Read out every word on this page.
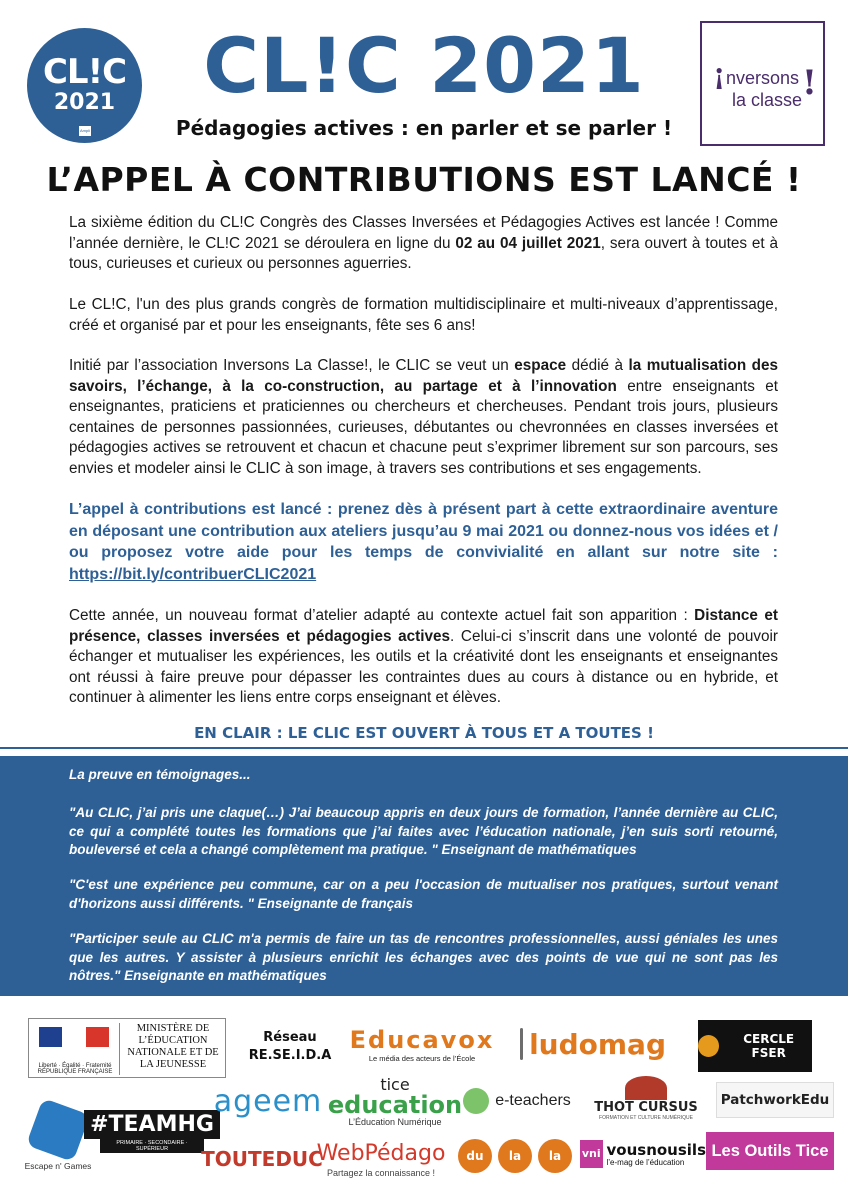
CL!C
2021
Ampli
CL!C 2021
Pédagogies actives : en parler et se parler !
¡ nversons
la classe !
L’APPEL À CONTRIBUTIONS EST LANCÉ !

La sixième édition du CL!C Congrès des Classes Inversées et Pédagogies Actives est lancée ! Comme l’année dernière, le CL!C 2021 se déroulera en ligne du 02 au 04 juillet 2021, sera ouvert à toutes et à tous, curieuses et curieux ou personnes aguerries.

Le CL!C, l'un des plus grands congrès de formation multidisciplinaire et multi-niveaux d’apprentissage, créé et organisé par et pour les enseignants, fête ses 6 ans!

Initié par l’association Inversons La Classe!, le CLIC se veut un espace dédié à la mutualisation des savoirs, l’échange, à la co-construction, au partage et à l’innovation entre enseignants et enseignantes, praticiens et praticiennes ou chercheurs et chercheuses. Pendant trois jours, plusieurs centaines de personnes passionnées, curieuses, débutantes ou chevronnées en classes inversées et pédagogies actives se retrouvent et chacun et chacune peut s’exprimer librement sur son parcours, ses envies et modeler ainsi le CLIC à son image, à travers ses contributions et ses engagements.

L’appel à contributions est lancé : prenez dès à présent part à cette extraordinaire aventure en déposant une contribution aux ateliers jusqu’au 9 mai 2021 ou donnez-nous vos idées et / ou proposez votre aide pour les temps de convivialité en allant sur notre site : https://bit.ly/contribuerCLIC2021

Cette année, un nouveau format d’atelier adapté au contexte actuel fait son apparition : Distance et présence, classes inversées et pédagogies actives. Celui-ci s’inscrit dans une volonté de pouvoir échanger et mutualiser les expériences, les outils et la créativité dont les enseignants et enseignantes ont réussi à faire preuve pour dépasser les contraintes dues au cours à distance ou en hybride, et continuer à alimenter les liens entre corps enseignant et élèves.

EN CLAIR : LE CLIC EST OUVERT À TOUS ET A TOUTES !

La preuve en témoignages...

"Au CLIC, j’ai pris une claque(…) J’ai beaucoup appris en deux jours de formation, l’année dernière au CLIC, ce qui a complété toutes les formations que j’ai faites avec l’éducation nationale, j’en suis sorti retourné, bouleversé et cela a changé complètement ma pratique. " Enseignant de mathématiques

"C'est une expérience peu commune, car on a peu l'occasion de mutualiser nos pratiques, surtout venant d'horizons aussi différents. " Enseignante de français

"Participer seule au CLIC m'a permis de faire un tas de rencontres professionnelles, aussi géniales les unes que les autres. Y assister à plusieurs enrichit les échanges avec des points de vue qui ne sont pas les nôtres." Enseignante en mathématiques

Liberté · Égalité · Fraternité RÉPUBLIQUE FRANÇAISE
MINISTÈRE DE L’ÉDUCATION NATIONALE ET DE LA JEUNESSE
Réseau
RE.SE.I.D.A
Educavox
Le média des acteurs de l’École ludomag	CERCLE FSER
Escape n' Games
#TEAMHG
PRIMAIRE · SECONDAIRE · SUPÉRIEUR
ageem	tice
education
L’Éducation Numérique
e-teachers THOT CURSUS
FORMATION ET CULTURE NUMÉRIQUE
PatchworkEdu
TOUTEDUC
WebPédago
Partagez la connaissance !
du	la	la	vni vousnousils
l’e-mag de l’éducation
Les Outils Tice
